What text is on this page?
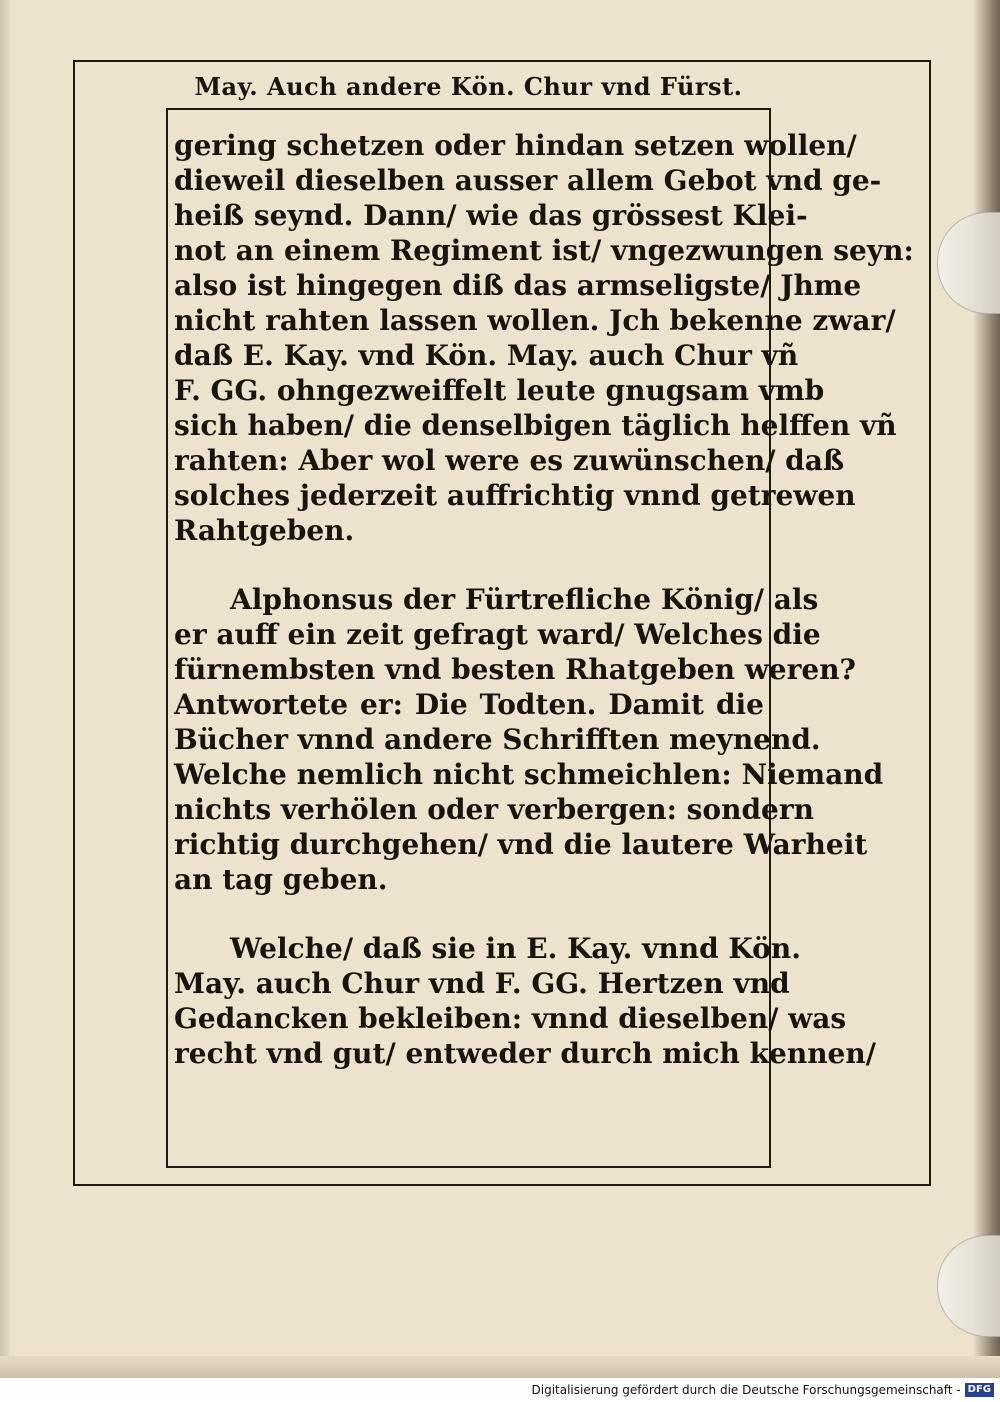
May. Auch andere Kön. Chur vnd Fürst.
gering schetzen oder hindan setzen wollen/
dieweil dieselben ausser allem Gebot vnd ge-
heiß seynd. Dann/ wie das grössest Klei-
not an einem Regiment ist/ vngezwungen seyn:
also ist hingegen diß das armseligste/ Jhme
nicht rahten lassen wollen. Jch bekenne zwar/
daß E. Kay. vnd Kön. May. auch Chur vñ
F. GG. ohngezweiffelt leute gnugsam vmb
sich haben/ die denselbigen täglich helffen vñ
rahten: Aber wol were es zuwünschen/ daß
solches jederzeit auffrichtig vnnd getrewen
Rahtgeben.
Alphonsus der Fürtrefliche König/ als
er auff ein zeit gefragt ward/ Welches die
fürnembsten vnd besten Rhatgeben weren?
Antwortete er: Die Todten. Damit die
Bücher vnnd andere Schrifften meynend.
Welche nemlich nicht schmeichlen: Niemand
nichts verhölen oder verbergen: sondern
richtig durchgehen/ vnd die lautere Warheit
an tag geben.
Welche/ daß sie in E. Kay. vnnd Kön.
May. auch Chur vnd F. GG. Hertzen vnd
Gedancken bekleiben: vnnd dieselben/ was
recht vnd gut/ entweder durch mich kennen/
Digitalisierung gefördert durch die Deutsche Forschungsgemeinschaft - DFG
